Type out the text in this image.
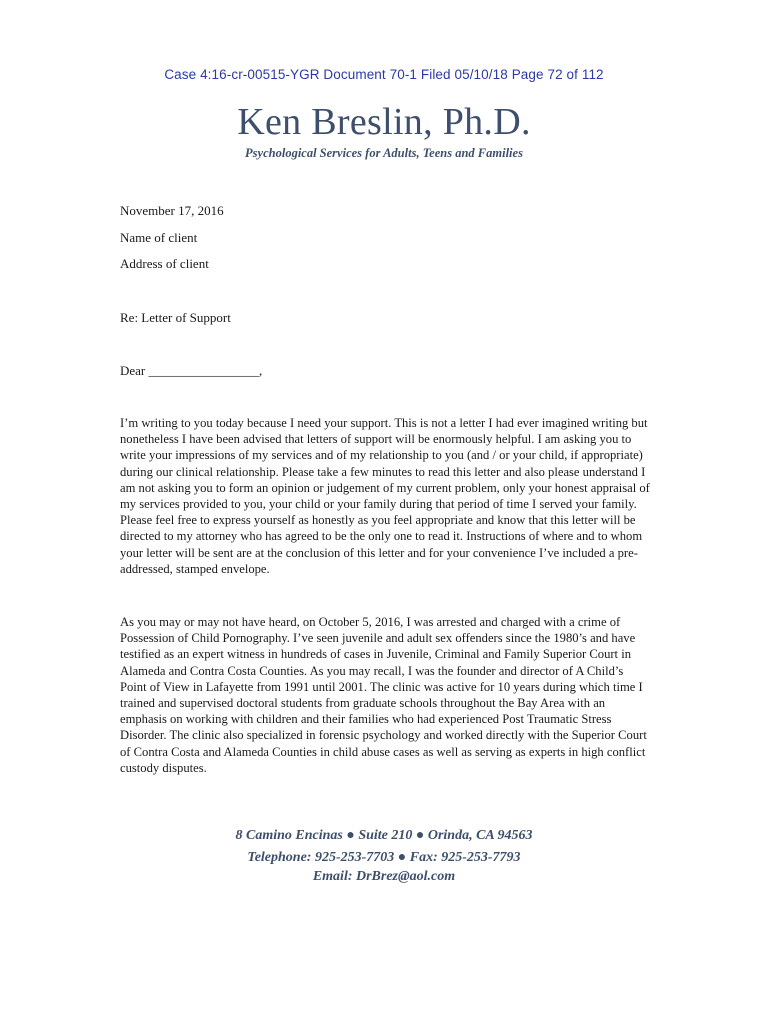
Case 4:16-cr-00515-YGR Document 70-1 Filed 05/10/18 Page 72 of 112
Ken Breslin, Ph.D.
Psychological Services for Adults, Teens and Families
November 17, 2016
Name of client
Address of client
Re: Letter of Support
Dear _________________,
I’m writing to you today because I need your support. This is not a letter I had ever imagined writing but nonetheless I have been advised that letters of support will be enormously helpful. I am asking you to write your impressions of my services and of my relationship to you (and / or your child, if appropriate) during our clinical relationship. Please take a few minutes to read this letter and also please understand I am not asking you to form an opinion or judgement of my current problem, only your honest appraisal of my services provided to you, your child or your family during that period of time I served your family. Please feel free to express yourself as honestly as you feel appropriate and know that this letter will be directed to my attorney who has agreed to be the only one to read it. Instructions of where and to whom your letter will be sent are at the conclusion of this letter and for your convenience I’ve included a pre-addressed, stamped envelope.
As you may or may not have heard, on October 5, 2016, I was arrested and charged with a crime of Possession of Child Pornography. I’ve seen juvenile and adult sex offenders since the 1980’s and have testified as an expert witness in hundreds of cases in Juvenile, Criminal and Family Superior Court in Alameda and Contra Costa Counties. As you may recall, I was the founder and director of A Child’s Point of View in Lafayette from 1991 until 2001. The clinic was active for 10 years during which time I trained and supervised doctoral students from graduate schools throughout the Bay Area with an emphasis on working with children and their families who had experienced Post Traumatic Stress Disorder. The clinic also specialized in forensic psychology and worked directly with the Superior Court of Contra Costa and Alameda Counties in child abuse cases as well as serving as experts in high conflict custody disputes.
8 Camino Encinas ● Suite 210 ● Orinda, CA 94563
Telephone: 925-253-7703 ● Fax: 925-253-7793
Email: DrBrez@aol.com
